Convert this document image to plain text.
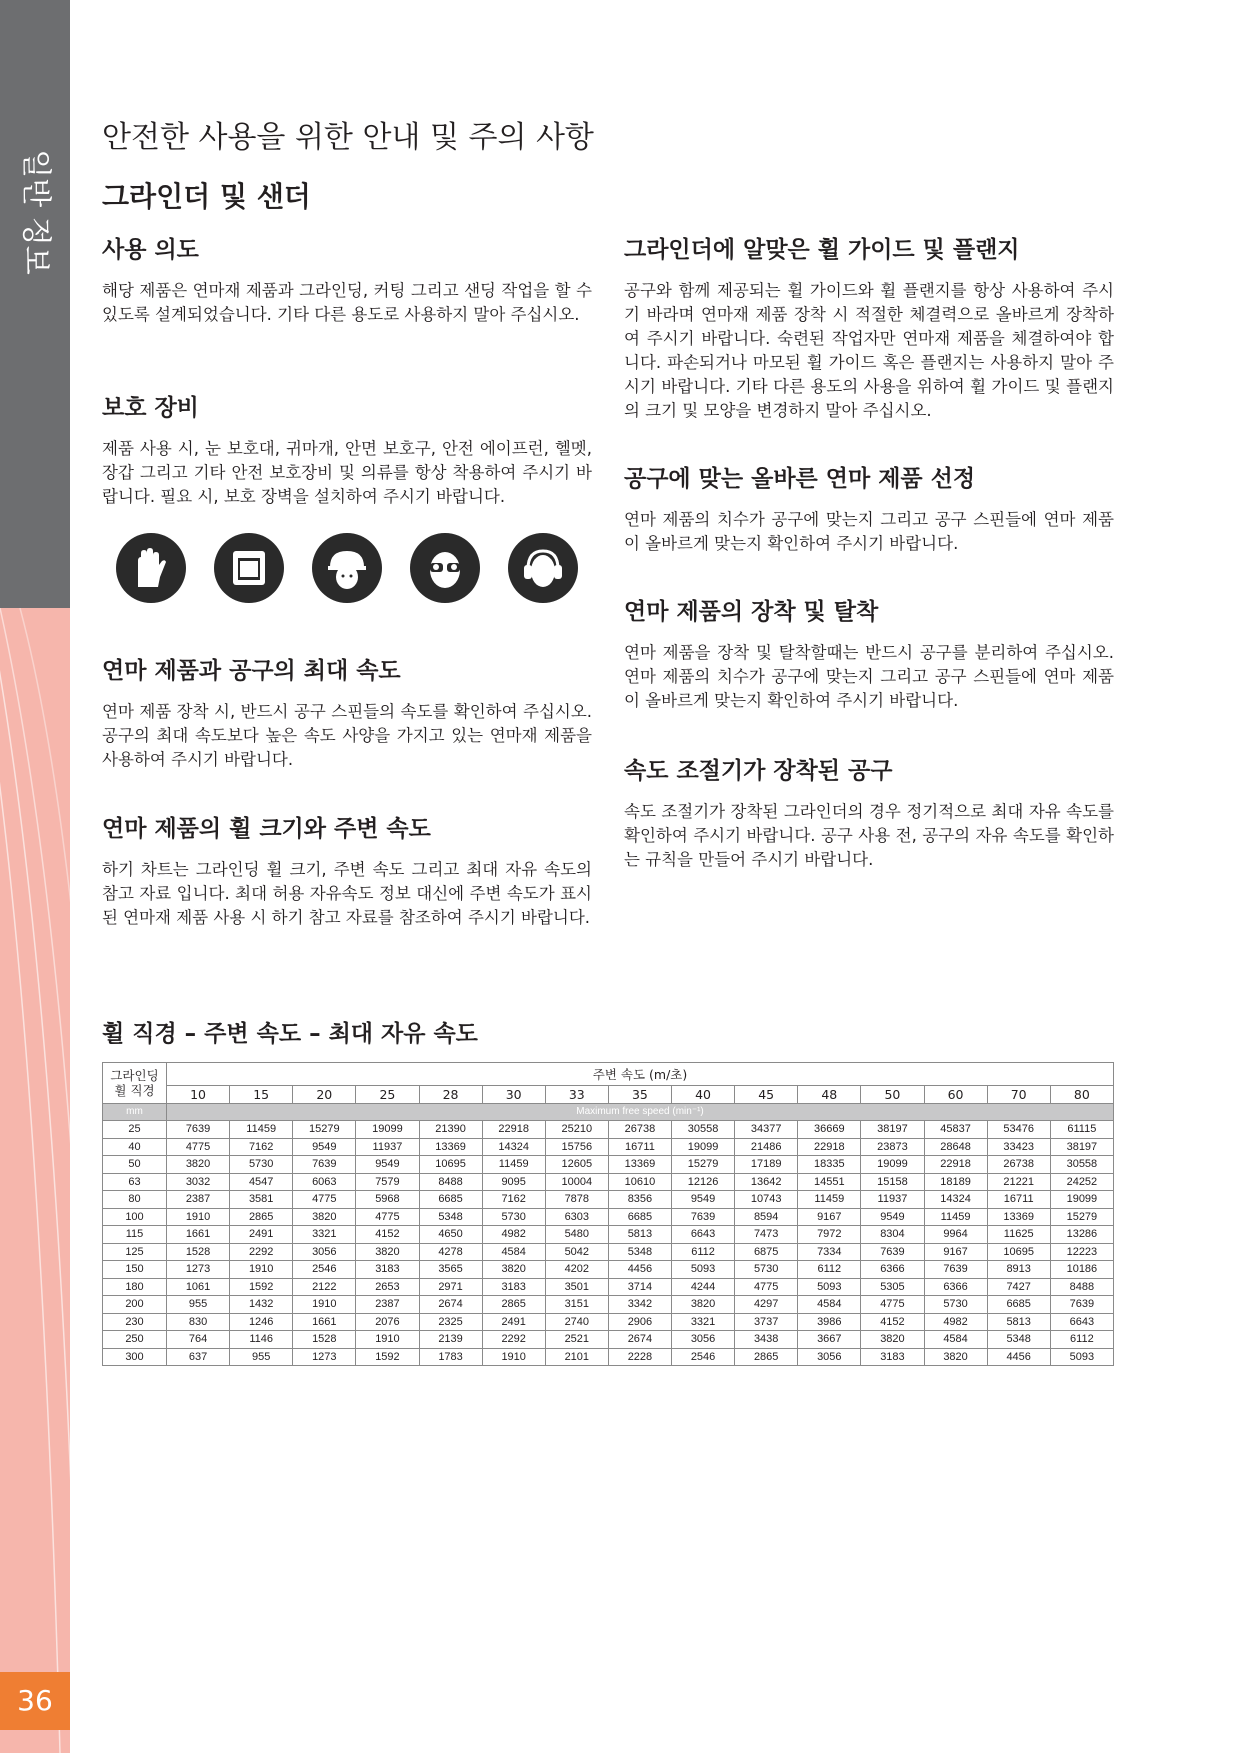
일반 정보
36
안전한 사용을 위한 안내 및 주의 사항
그라인더 및 샌더
사용 의도

해당 제품은 연마재 제품과 그라인딩, 커팅 그리고 샌딩 작업을 할 수 있도록 설계되었습니다. 기타 다른 용도로 사용하지 말아 주십시오.

보호 장비

제품 사용 시, 눈 보호대, 귀마개, 안면 보호구, 안전 에이프런, 헬멧, 장갑 그리고 기타 안전 보호장비 및 의류를 항상 착용하여 주시기 바랍니다. 필요 시, 보호 장벽을 설치하여 주시기 바랍니다.

연마 제품과 공구의 최대 속도

연마 제품 장착 시, 반드시 공구 스핀들의 속도를 확인하여 주십시오. 공구의 최대 속도보다 높은 속도 사양을 가지고 있는 연마재 제품을 사용하여 주시기 바랍니다.

연마 제품의 휠 크기와 주변 속도

하기 차트는 그라인딩 휠 크기, 주변 속도 그리고 최대 자유 속도의 참고 자료 입니다. 최대 허용 자유속도 정보 대신에 주변 속도가 표시된 연마재 제품 사용 시 하기 참고 자료를 참조하여 주시기 바랍니다.

그라인더에 알맞은 휠 가이드 및 플랜지

공구와 함께 제공되는 휠 가이드와 휠 플랜지를 항상 사용하여 주시기 바라며 연마재 제품 장착 시 적절한 체결력으로 올바르게 장착하여 주시기 바랍니다. 숙련된 작업자만 연마재 제품을 체결하여야 합니다. 파손되거나 마모된 휠 가이드 혹은 플랜지는 사용하지 말아 주시기 바랍니다. 기타 다른 용도의 사용을 위하여 휠 가이드 및 플랜지의 크기 및 모양을 변경하지 말아 주십시오.

공구에 맞는 올바른 연마 제품 선정

연마 제품의 치수가 공구에 맞는지 그리고 공구 스핀들에 연마 제품이 올바르게 맞는지 확인하여 주시기 바랍니다.

연마 제품의 장착 및 탈착

연마 제품을 장착 및 탈착할때는 반드시 공구를 분리하여 주십시오. 연마 제품의 치수가 공구에 맞는지 그리고 공구 스핀들에 연마 제품이 올바르게 맞는지 확인하여 주시기 바랍니다.

속도 조절기가 장착된 공구

속도 조절기가 장착된 그라인더의 경우 정기적으로 최대 자유 속도를 확인하여 주시기 바랍니다. 공구 사용 전, 공구의 자유 속도를 확인하는 규칙을 만들어 주시기 바랍니다.

휠 직경 – 주변 속도 – 최대 자유 속도
그라인딩
휠 직경	주변 속도 (m/초)														
	10	15	20	25	28	30	33	35	40	45	48	50	60	70	80
mm	Maximum free speed (min⁻¹)														
25	7639	11459	15279	19099	21390	22918	25210	26738	30558	34377	36669	38197	45837	53476	61115
40	4775	7162	9549	11937	13369	14324	15756	16711	19099	21486	22918	23873	28648	33423	38197
50	3820	5730	7639	9549	10695	11459	12605	13369	15279	17189	18335	19099	22918	26738	30558
63	3032	4547	6063	7579	8488	9095	10004	10610	12126	13642	14551	15158	18189	21221	24252
80	2387	3581	4775	5968	6685	7162	7878	8356	9549	10743	11459	11937	14324	16711	19099
100	1910	2865	3820	4775	5348	5730	6303	6685	7639	8594	9167	9549	11459	13369	15279
115	1661	2491	3321	4152	4650	4982	5480	5813	6643	7473	7972	8304	9964	11625	13286
125	1528	2292	3056	3820	4278	4584	5042	5348	6112	6875	7334	7639	9167	10695	12223
150	1273	1910	2546	3183	3565	3820	4202	4456	5093	5730	6112	6366	7639	8913	10186
180	1061	1592	2122	2653	2971	3183	3501	3714	4244	4775	5093	5305	6366	7427	8488
200	955	1432	1910	2387	2674	2865	3151	3342	3820	4297	4584	4775	5730	6685	7639
230	830	1246	1661	2076	2325	2491	2740	2906	3321	3737	3986	4152	4982	5813	6643
250	764	1146	1528	1910	2139	2292	2521	2674	3056	3438	3667	3820	4584	5348	6112
300	637	955	1273	1592	1783	1910	2101	2228	2546	2865	3056	3183	3820	4456	5093
